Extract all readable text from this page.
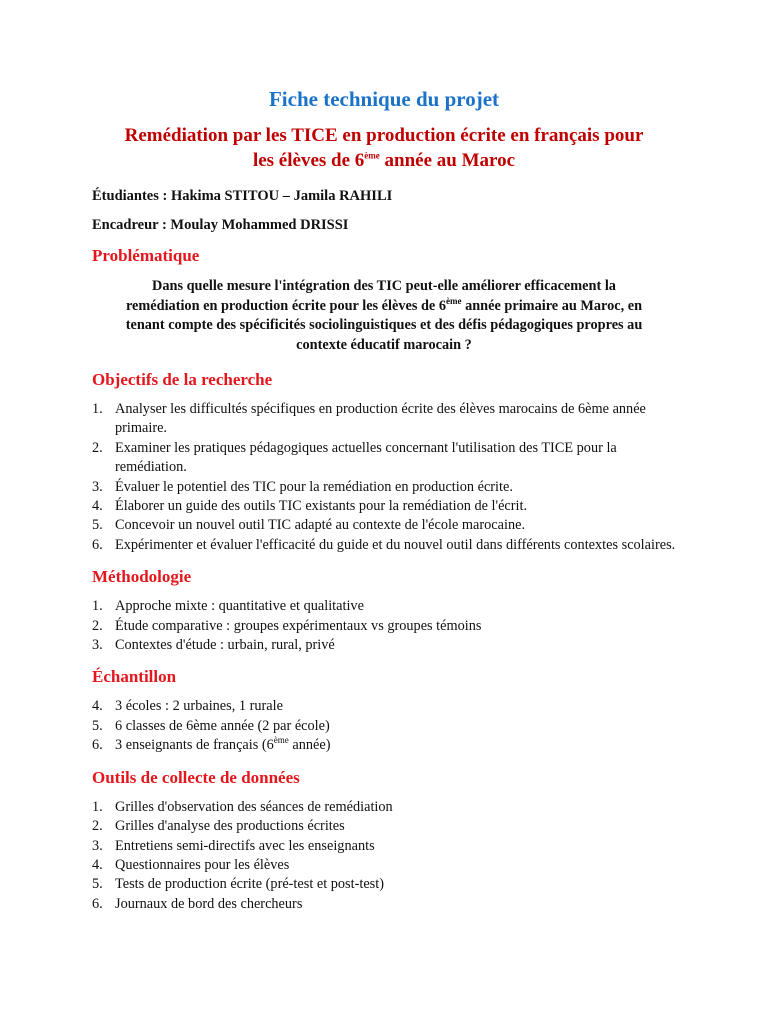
Fiche technique du projet
Remédiation par les TICE en production écrite en français pour
les élèves de 6ème année au Maroc

Étudiantes : Hakima STITOU – Jamila RAHILI

Encadreur : Moulay Mohammed DRISSI

Problématique

Dans quelle mesure l'intégration des TIC peut-elle améliorer efficacement la
remédiation en production écrite pour les élèves de 6ème année primaire au Maroc, en
tenant compte des spécificités sociolinguistiques et des défis pédagogiques propres au
contexte éducatif marocain ?

Objectifs de la recherche
1. Analyser les difficultés spécifiques en production écrite des élèves marocains de 6ème année primaire.
2. Examiner les pratiques pédagogiques actuelles concernant l'utilisation des TICE pour la remédiation.
3. Évaluer le potentiel des TIC pour la remédiation en production écrite.
4. Élaborer un guide des outils TIC existants pour la remédiation de l'écrit.
5. Concevoir un nouvel outil TIC adapté au contexte de l'école marocaine.
6. Expérimenter et évaluer l'efficacité du guide et du nouvel outil dans différents contextes scolaires.
Méthodologie
1. Approche mixte : quantitative et qualitative
2. Étude comparative : groupes expérimentaux vs groupes témoins
3. Contextes d'étude : urbain, rural, privé
Échantillon
4. 3 écoles : 2 urbaines, 1 rurale
5. 6 classes de 6ème année (2 par école)
6. 3 enseignants de français (6ème année)
Outils de collecte de données
1. Grilles d'observation des séances de remédiation
2. Grilles d'analyse des productions écrites
3. Entretiens semi-directifs avec les enseignants
4. Questionnaires pour les élèves
5. Tests de production écrite (pré-test et post-test)
6. Journaux de bord des chercheurs
